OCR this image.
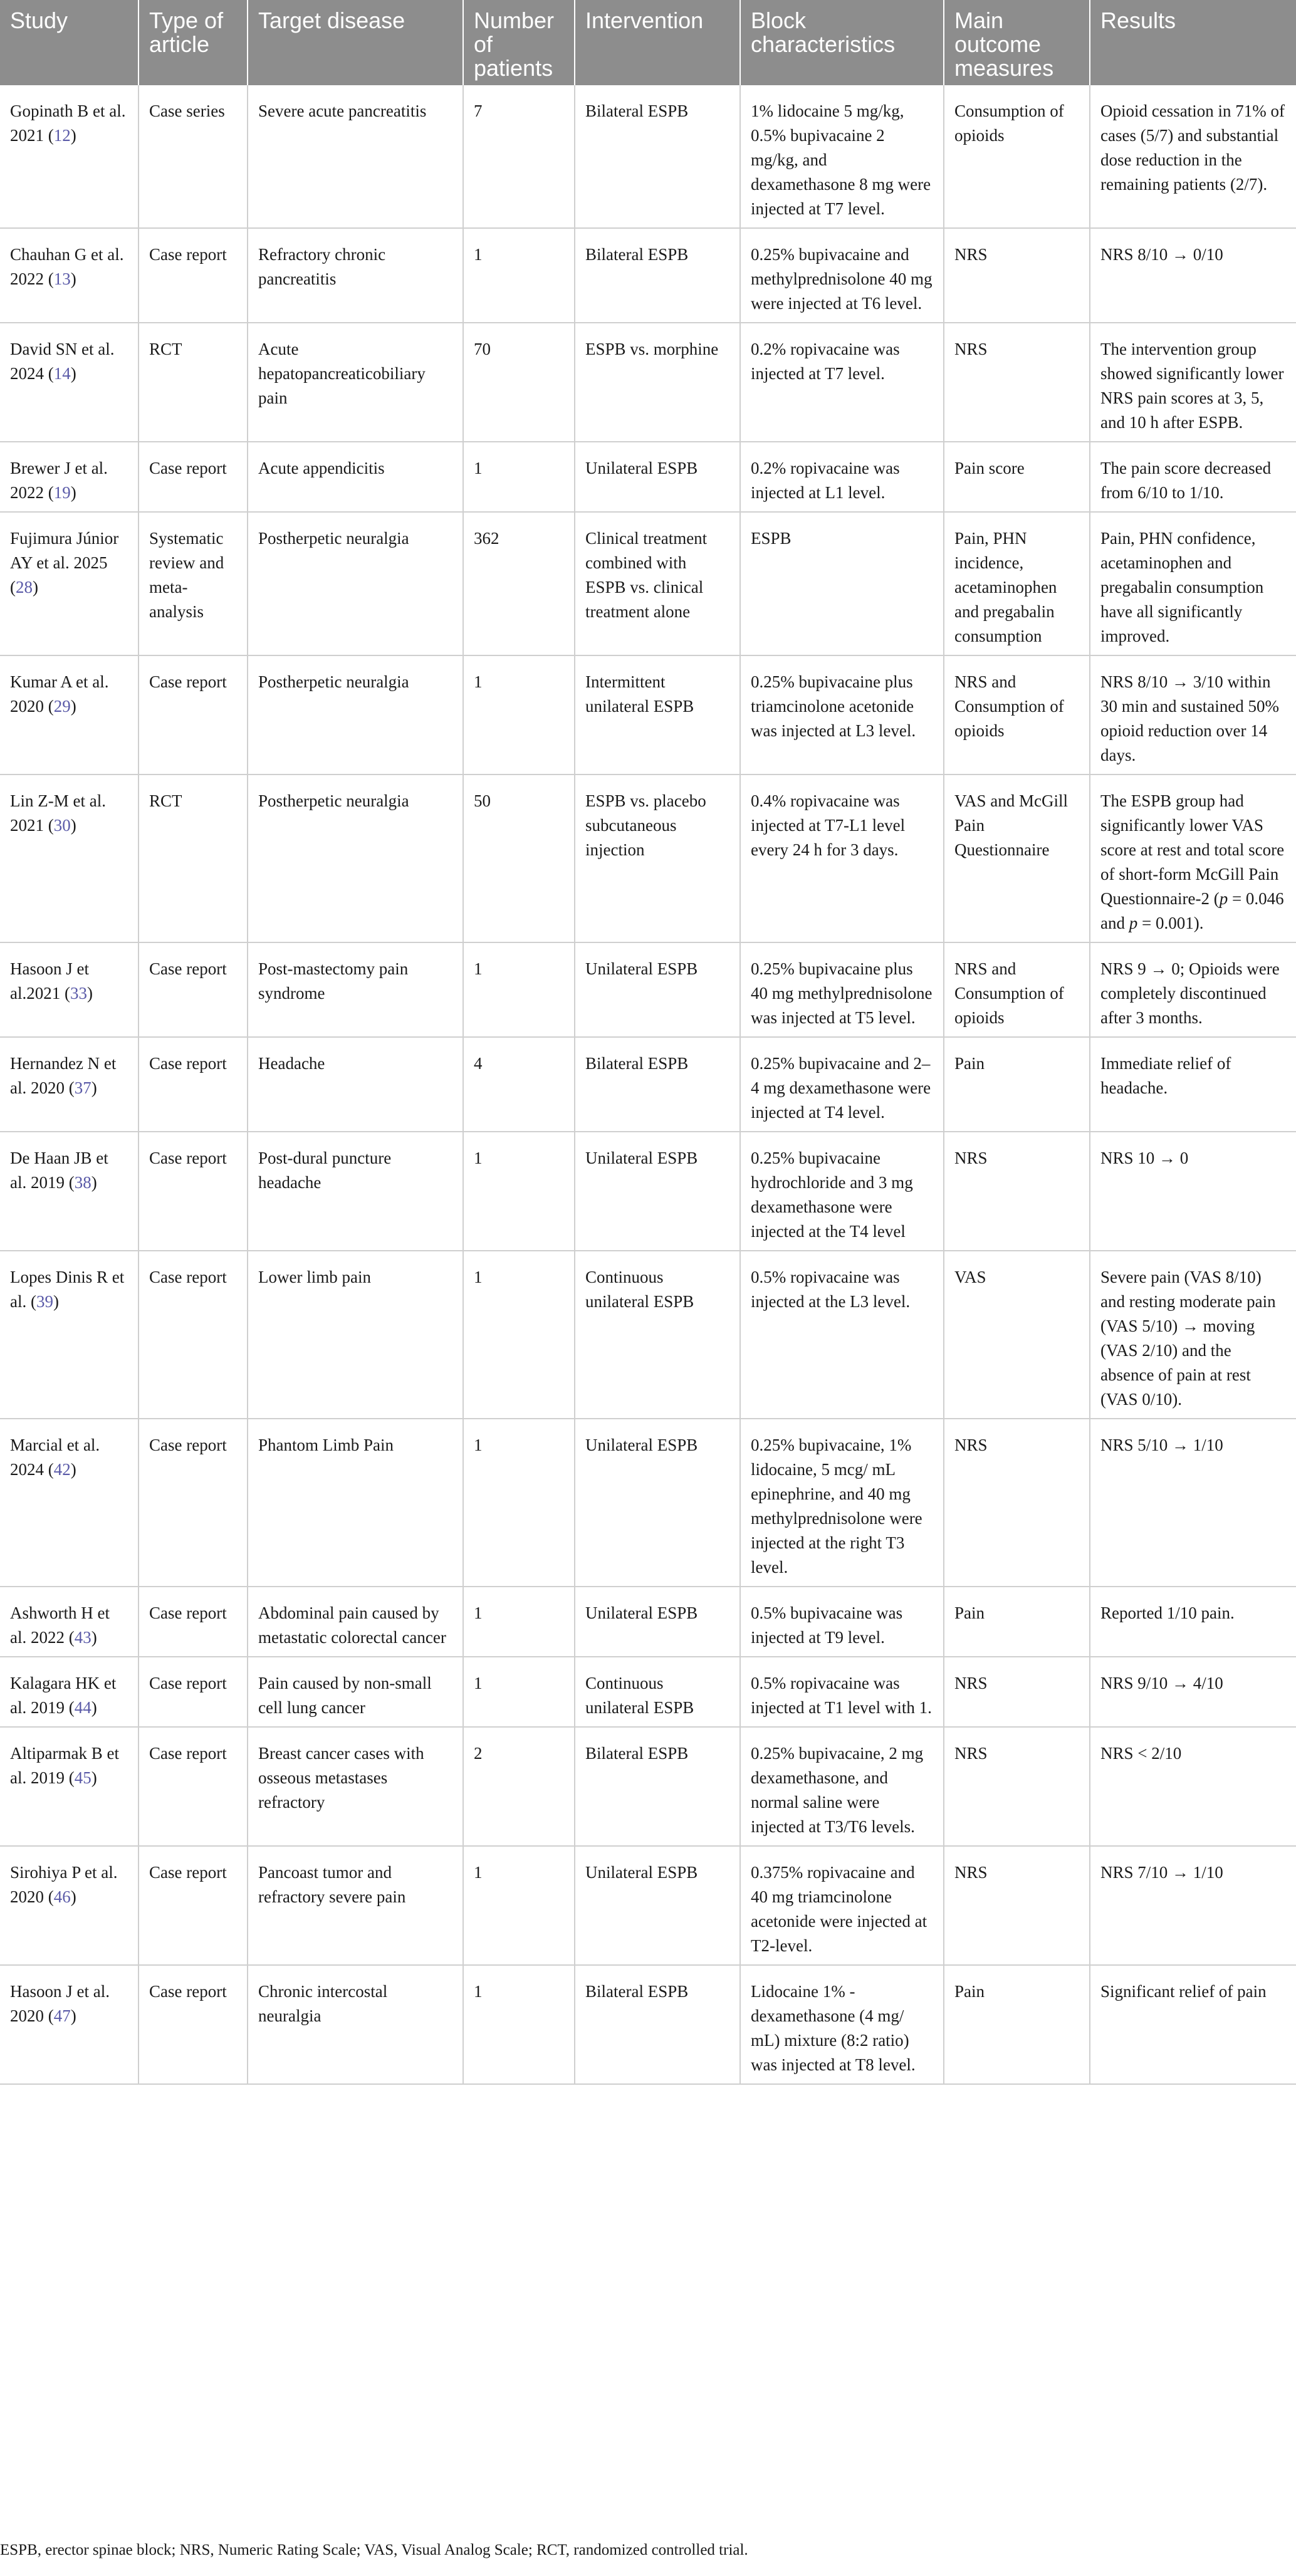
Study	Type of article	Target disease	Number of patients	Intervention	Block characteristics	Main outcome measures	Results
Gopinath B et al. 2021 (12)	Case series	Severe acute pancreatitis	7	Bilateral ESPB	1% lidocaine 5 mg/kg, 0.5% bupivacaine 2 mg/kg, and dexamethasone 8 mg were injected at T7 level.	Consumption of opioids	Opioid cessation in 71% of cases (5/7) and substantial dose reduction in the remaining patients (2/7).
Chauhan G et al. 2022 (13)	Case report	Refractory chronic pancreatitis	1	Bilateral ESPB	0.25% bupivacaine and methylprednisolone 40 mg were injected at T6 level.	NRS	NRS 8/10 → 0/10
David SN et al. 2024 (14)	RCT	Acute hepatopancreaticobiliary pain	70	ESPB vs. morphine	0.2% ropivacaine was injected at T7 level.	NRS	The intervention group showed significantly lower NRS pain scores at 3, 5, and 10 h after ESPB.
Brewer J et al. 2022 (19)	Case report	Acute appendicitis	1	Unilateral ESPB	0.2% ropivacaine was injected at L1 level.	Pain score	The pain score decreased from 6/10 to 1/10.
Fujimura Júnior AY et al. 2025 (28)	Systematic review and meta-analysis	Postherpetic neuralgia	362	Clinical treatment combined with ESPB vs. clinical treatment alone	ESPB	Pain, PHN incidence, acetaminophen and pregabalin consumption	Pain, PHN confidence, acetaminophen and pregabalin consumption have all significantly improved.
Kumar A et al. 2020 (29)	Case report	Postherpetic neuralgia	1	Intermittent unilateral ESPB	0.25% bupivacaine plus triamcinolone acetonide was injected at L3 level.	NRS and Consumption of opioids	NRS 8/10 → 3/10 within 30 min and sustained 50% opioid reduction over 14 days.
Lin Z-M et al. 2021 (30)	RCT	Postherpetic neuralgia	50	ESPB vs. placebo subcutaneous injection	0.4% ropivacaine was injected at T7-L1 level every 24 h for 3 days.	VAS and McGill Pain Questionnaire	The ESPB group had significantly lower VAS score at rest and total score of short-form McGill Pain Questionnaire-2 (p = 0.046 and p = 0.001).
Hasoon J et al.2021 (33)	Case report	Post-mastectomy pain syndrome	1	Unilateral ESPB	0.25% bupivacaine plus 40 mg methylprednisolone was injected at T5 level.	NRS and Consumption of opioids	NRS 9 → 0; Opioids were completely discontinued after 3 months.
Hernandez N et al. 2020 (37)	Case report	Headache	4	Bilateral ESPB	0.25% bupivacaine and 2–4 mg dexamethasone were injected at T4 level.	Pain	Immediate relief of headache.
De Haan JB et al. 2019 (38)	Case report	Post-dural puncture headache	1	Unilateral ESPB	0.25% bupivacaine hydrochloride and 3 mg dexamethasone were injected at the T4 level	NRS	NRS 10 → 0
Lopes Dinis R et al. (39)	Case report	Lower limb pain	1	Continuous unilateral ESPB	0.5% ropivacaine was injected at the L3 level.	VAS	Severe pain (VAS 8/10) and resting moderate pain (VAS 5/10) → moving (VAS 2/10) and the absence of pain at rest (VAS 0/10).
Marcial et al. 2024 (42)	Case report	Phantom Limb Pain	1	Unilateral ESPB	0.25% bupivacaine, 1% lidocaine, 5 mcg/ mL epinephrine, and 40 mg methylprednisolone were injected at the right T3 level.	NRS	NRS 5/10 → 1/10
Ashworth H et al. 2022 (43)	Case report	Abdominal pain caused by metastatic colorectal cancer	1	Unilateral ESPB	0.5% bupivacaine was injected at T9 level.	Pain	Reported 1/10 pain.
Kalagara HK et al. 2019 (44)	Case report	Pain caused by non-small cell lung cancer	1	Continuous unilateral ESPB	0.5% ropivacaine was injected at T1 level with 1.	NRS	NRS 9/10 → 4/10
Altiparmak B et al. 2019 (45)	Case report	Breast cancer cases with osseous metastases refractory	2	Bilateral ESPB	0.25% bupivacaine, 2 mg dexamethasone, and normal saline were injected at T3/T6 levels.	NRS	NRS < 2/10
Sirohiya P et al. 2020 (46)	Case report	Pancoast tumor and refractory severe pain	1	Unilateral ESPB	0.375% ropivacaine and 40 mg triamcinolone acetonide were injected at T2-level.	NRS	NRS 7/10 → 1/10
Hasoon J et al. 2020 (47)	Case report	Chronic intercostal neuralgia	1	Bilateral ESPB	Lidocaine 1% -dexamethasone (4 mg/ mL) mixture (8:2 ratio) was injected at T8 level.	Pain	Significant relief of pain
ESPB, erector spinae block; NRS, Numeric Rating Scale; VAS, Visual Analog Scale; RCT, randomized controlled trial.
